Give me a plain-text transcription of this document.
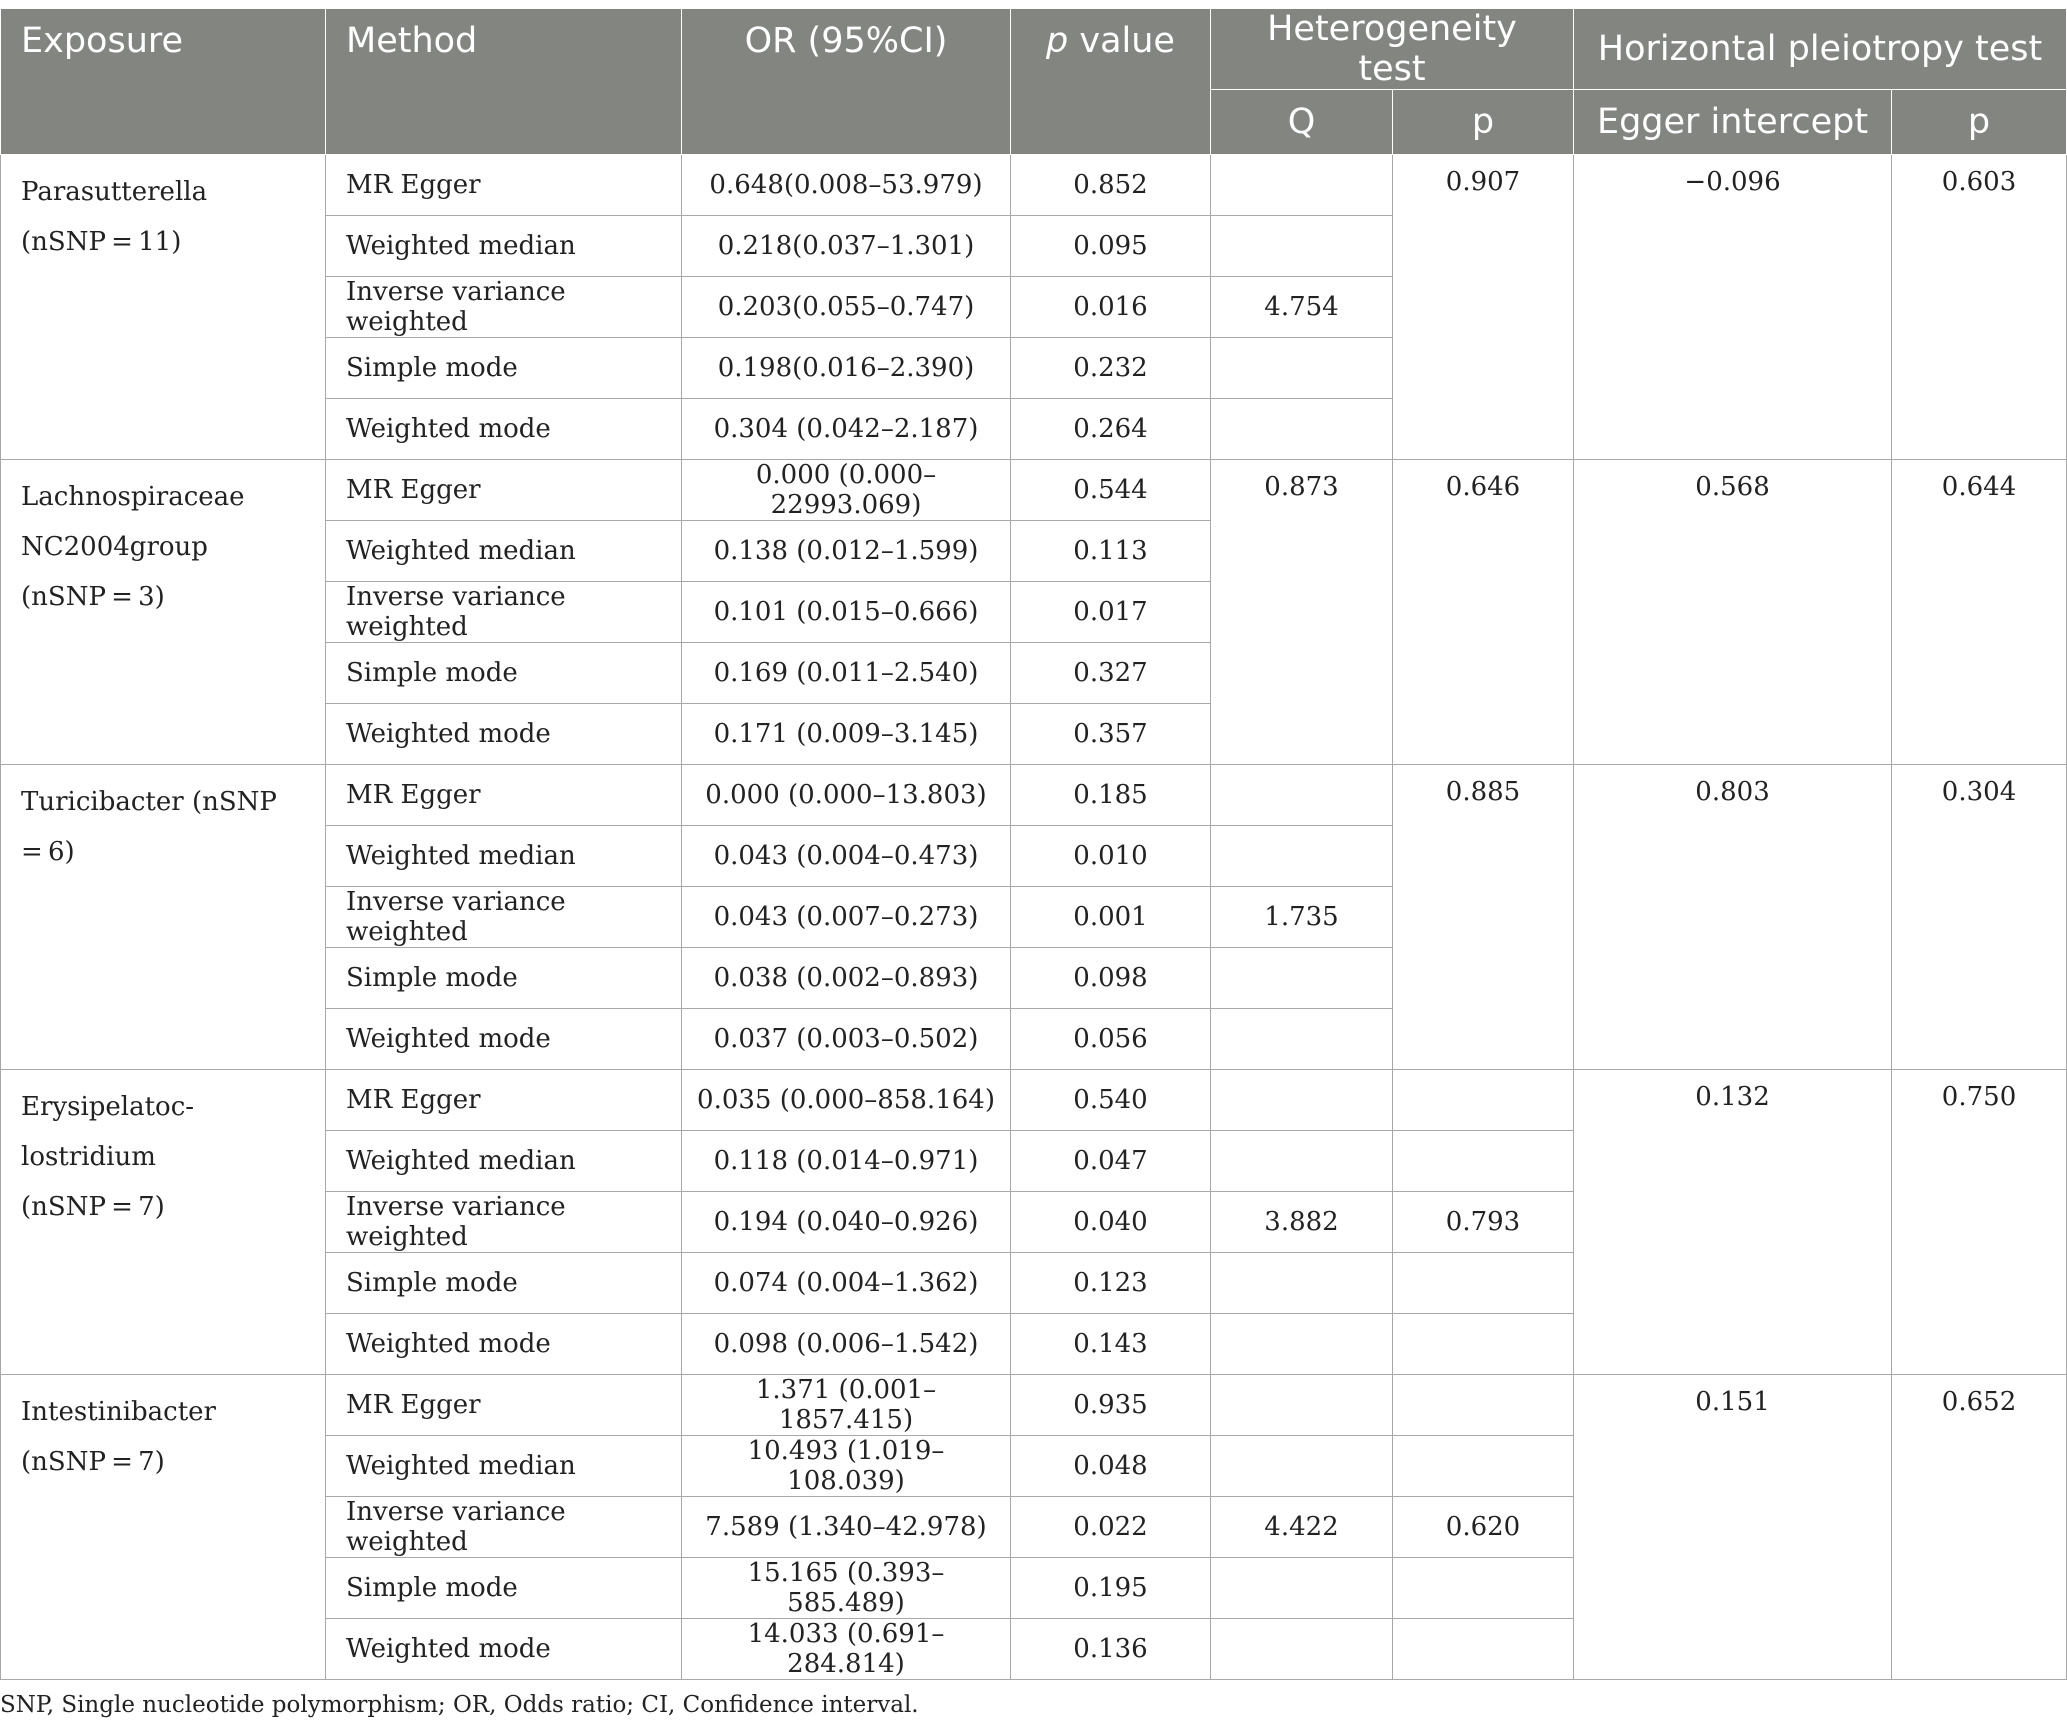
Exposure	Method	OR (95%CI)	p value	Heterogeneity test		Horizontal pleiotropy test	
				Q	p	Egger intercept	p

Parasutterella
(nSNP = 11)	MR Egger	0.648(0.008–53.979)	0.852		0.907	−0.096	0.603
	Weighted median	0.218(0.037–1.301)	0.095				
	Inverse variance weighted	0.203(0.055–0.747)	0.016	4.754			
	Simple mode	0.198(0.016–2.390)	0.232				
	Weighted mode	0.304 (0.042–2.187)	0.264				

Lachnospiraceae
NC2004group
(nSNP = 3)	MR Egger	0.000 (0.000–22993.069)	0.544	0.873	0.646	0.568	0.644
	Weighted median	0.138 (0.012–1.599)	0.113				
	Inverse variance weighted	0.101 (0.015–0.666)	0.017				
	Simple mode	0.169 (0.011–2.540)	0.327				
	Weighted mode	0.171 (0.009–3.145)	0.357				

Turicibacter (nSNP = 6)	MR Egger	0.000 (0.000–13.803)	0.185		0.885	0.803	0.304
	Weighted median	0.043 (0.004–0.473)	0.010				
	Inverse variance weighted	0.043 (0.007–0.273)	0.001	1.735			
	Simple mode	0.038 (0.002–0.893)	0.098				
	Weighted mode	0.037 (0.003–0.502)	0.056				

Erysipelatoc-lostridium
(nSNP = 7)	MR Egger	0.035 (0.000–858.164)	0.540			0.132	0.750
	Weighted median	0.118 (0.014–0.971)	0.047				
	Inverse variance weighted	0.194 (0.040–0.926)	0.040	3.882	0.793		
	Simple mode	0.074 (0.004–1.362)	0.123				
	Weighted mode	0.098 (0.006–1.542)	0.143				

Intestinibacter
(nSNP = 7)	MR Egger	1.371 (0.001–1857.415)	0.935			0.151	0.652
	Weighted median	10.493 (1.019–108.039)	0.048				
	Inverse variance weighted	7.589 (1.340–42.978)	0.022	4.422	0.620		
	Simple mode	15.165 (0.393–585.489)	0.195				
	Weighted mode	14.033 (0.691–284.814)	0.136				
SNP, Single nucleotide polymorphism; OR, Odds ratio; CI, Confidence interval.
